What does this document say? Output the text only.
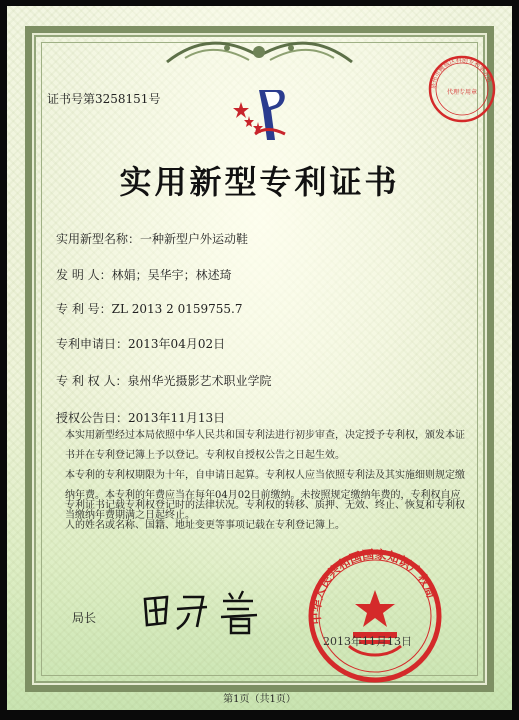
证书号第3258151号
泉州市鲤城区科创专利事务所
代理专用章
实用新型专利证书
实用新型名称：一种新型户外运动鞋
发 明 人：林娟；吴华宇；林述琦
专 利 号：ZL 2013 2 0159755.7
专利申请日：2013年04月02日
专 利 权 人：泉州华光摄影艺术职业学院
授权公告日：2013年11月13日
本实用新型经过本局依照中华人民共和国专利法进行初步审查，决定授予专利权，颁发本证书并在专利登记簿上予以登记。专利权自授权公告之日起生效。
本专利的专利权期限为十年，自申请日起算。专利权人应当依照专利法及其实施细则规定缴纳年费。本专利的年费应当在每年04月02日前缴纳。未按照规定缴纳年费的，专利权自应当缴纳年费期满之日起终止。
专利证书记载专利权登记时的法律状况。专利权的转移、质押、无效、终止、恢复和专利权人的姓名或名称、国籍、地址变更等事项记载在专利登记簿上。
局长	中华人民共和国国家知识产权局
2013年11月13日
第1页（共1页）
